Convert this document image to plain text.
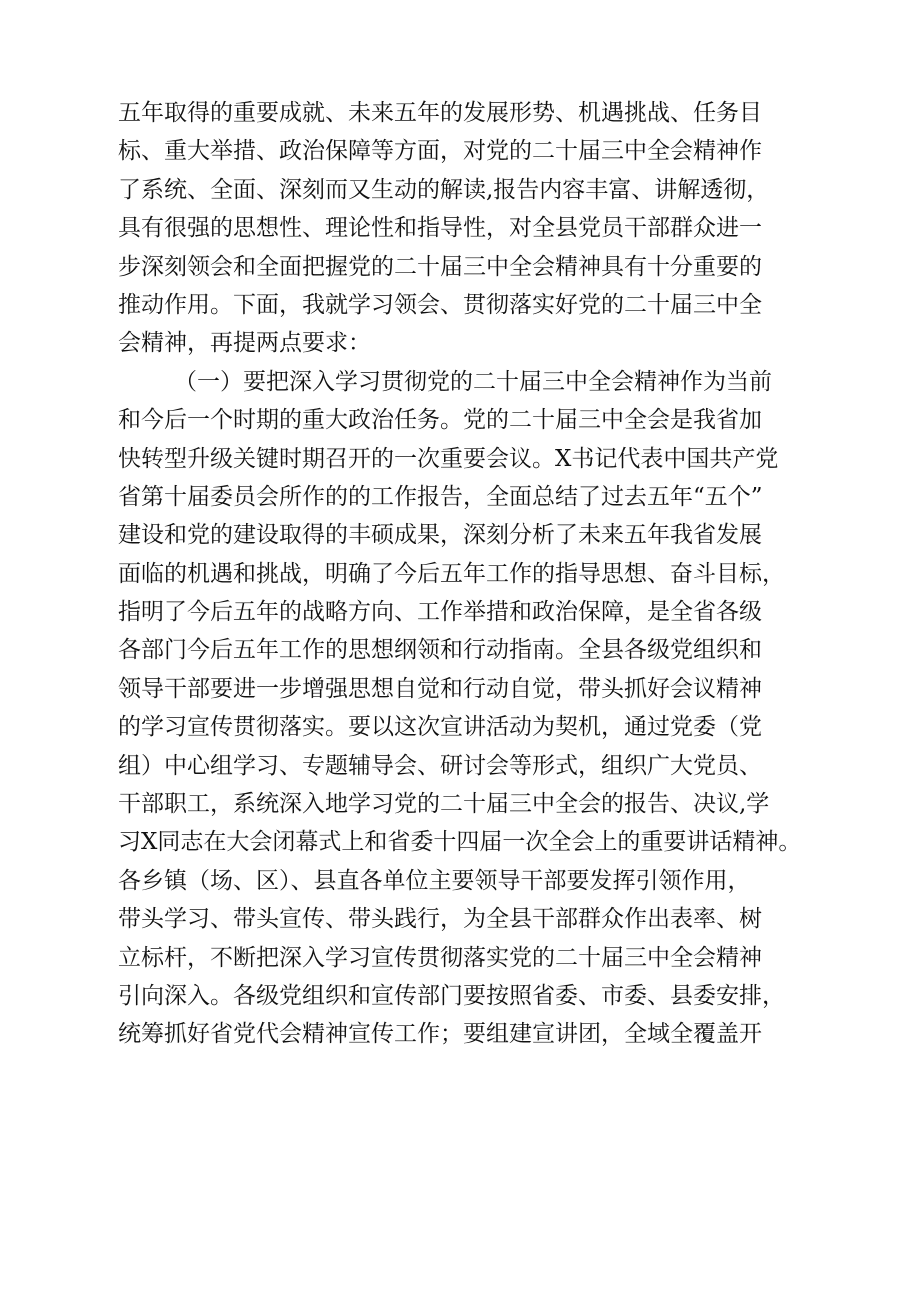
五年取得的重要成就、未来五年的发展形势、机遇挑战、任务目
标、重大举措、政治保障等方面，对党的二十届三中全会精神作
了系统、全面、深刻而又生动的解读,报告内容丰富、讲解透彻，
具有很强的思想性、理论性和指导性，对全县党员干部群众进一
步深刻领会和全面把握党的二十届三中全会精神具有十分重要的
推动作用。下面，我就学习领会、贯彻落实好党的二十届三中全
会精神，再提两点要求：
（一）要把深入学习贯彻党的二十届三中全会精神作为当前
和今后一个时期的重大政治任务。党的二十届三中全会是我省加
快转型升级关键时期召开的一次重要会议。X书记代表中国共产党
省第十届委员会所作的的工作报告，全面总结了过去五年“五个”
建设和党的建设取得的丰硕成果，深刻分析了未来五年我省发展
面临的机遇和挑战，明确了今后五年工作的指导思想、奋斗目标，
指明了今后五年的战略方向、工作举措和政治保障，是全省各级
各部门今后五年工作的思想纲领和行动指南。全县各级党组织和
领导干部要进一步增强思想自觉和行动自觉，带头抓好会议精神
的学习宣传贯彻落实。要以这次宣讲活动为契机，通过党委（党
组）中心组学习、专题辅导会、研讨会等形式，组织广大党员、
干部职工，系统深入地学习党的二十届三中全会的报告、决议,学
习X同志在大会闭幕式上和省委十四届一次全会上的重要讲话精神。
各乡镇（场、区）、县直各单位主要领导干部要发挥引领作用，
带头学习、带头宣传、带头践行，为全县干部群众作出表率、树
立标杆，不断把深入学习宣传贯彻落实党的二十届三中全会精神
引向深入。各级党组织和宣传部门要按照省委、市委、县委安排，
统筹抓好省党代会精神宣传工作；要组建宣讲团，全域全覆盖开
